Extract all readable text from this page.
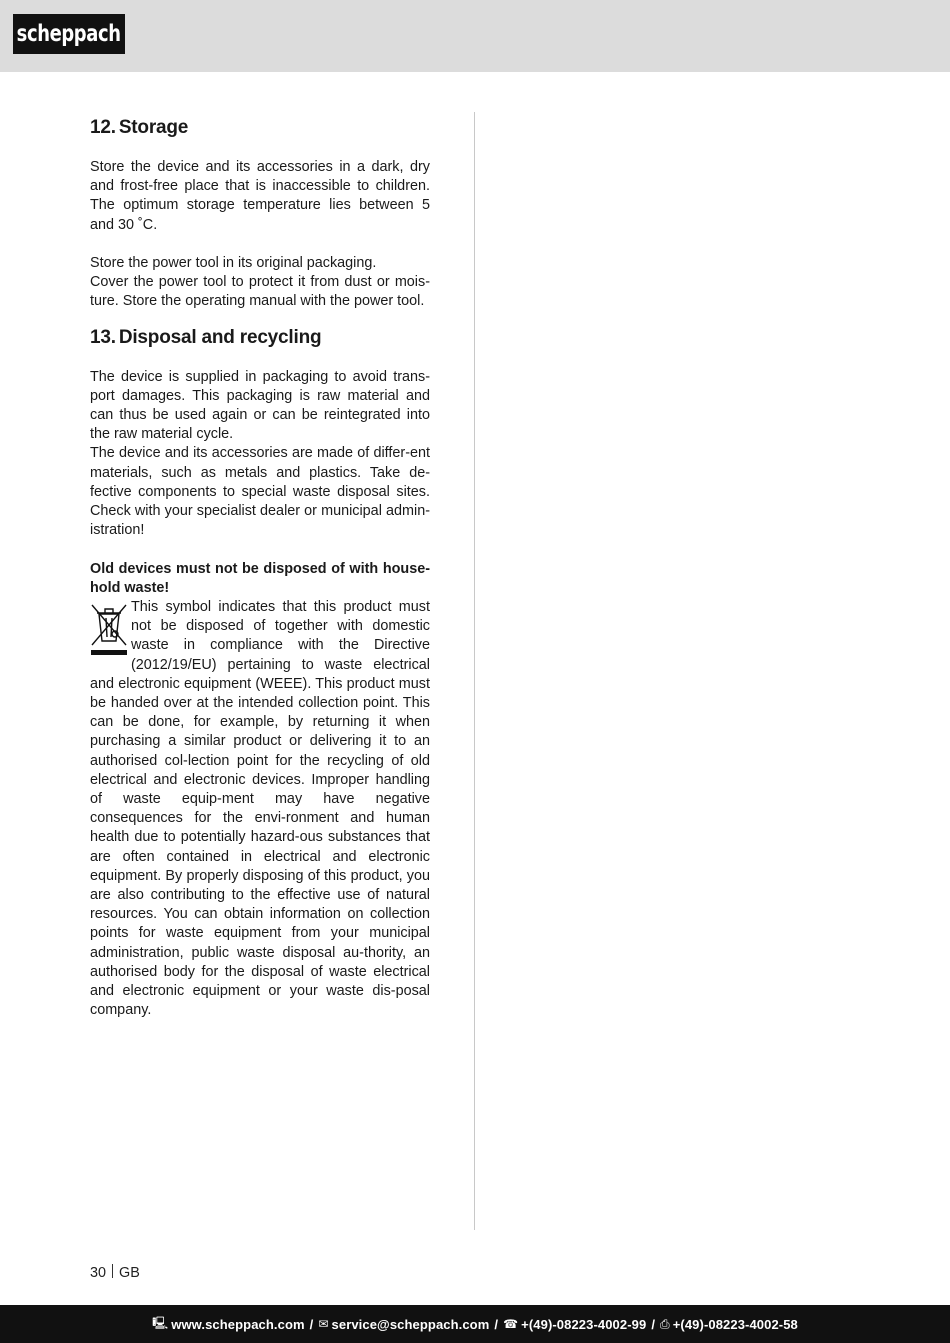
scheppach
12. Storage

Store the device and its accessories in a dark, dry and frost-free place that is inaccessible to children. The optimum storage temperature lies between 5 and 30 ˚C.

Store the power tool in its original packaging.

Cover the power tool to protect it from dust or mois-ture. Store the operating manual with the power tool.

13. Disposal and recycling

The device is supplied in packaging to avoid trans-port damages. This packaging is raw material and can thus be used again or can be reintegrated into the raw material cycle.

The device and its accessories are made of differ-ent materials, such as metals and plastics. Take de-fective components to special waste disposal sites. Check with your specialist dealer or municipal admin-istration!

Old devices must not be disposed of with house-hold waste!

This symbol indicates that this product must not be disposed of together with domestic waste in compliance with the Directive (2012/19/EU) pertaining to waste electrical and electronic equipment (WEEE). This product must be handed over at the intended collection point. This can be done, for example, by returning it when purchasing a similar product or delivering it to an authorised col-lection point for the recycling of old electrical and electronic devices. Improper handling of waste equip-ment may have negative consequences for the envi-ronment and human health due to potentially hazard-ous substances that are often contained in electrical and electronic equipment. By properly disposing of this product, you are also contributing to the effective use of natural resources. You can obtain information on collection points for waste equipment from your municipal administration, public waste disposal au-thority, an authorised body for the disposal of waste electrical and electronic equipment or your waste dis-posal company.

30 GB
🖳 www.scheppach.com / ✉ service@scheppach.com / ☎ +(49)-08223-4002-99 / ⎙ +(49)-08223-4002-58
